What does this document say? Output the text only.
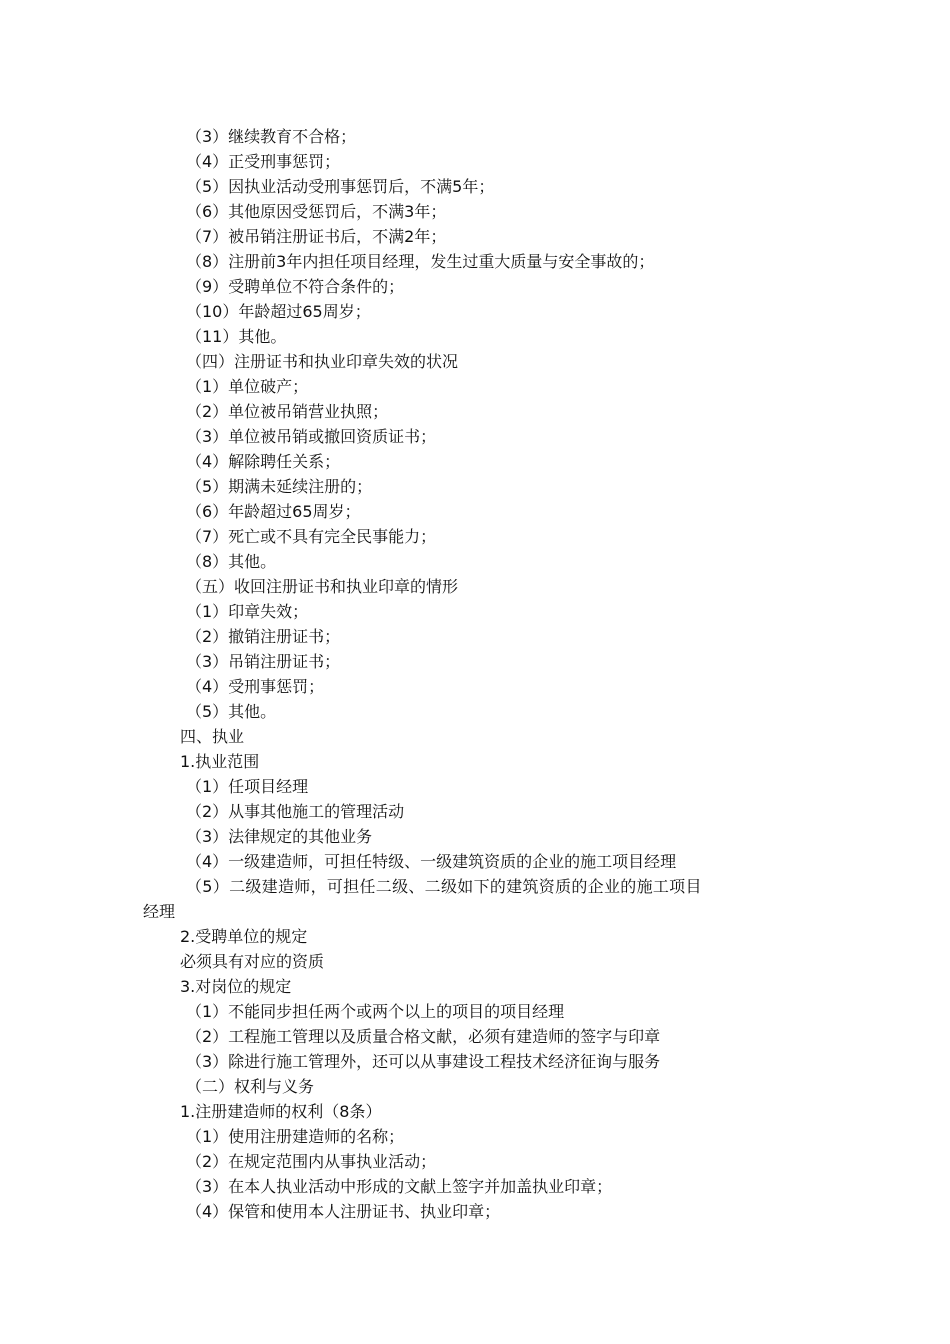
（3）继续教育不合格；
（4）正受刑事惩罚；
（5）因执业活动受刑事惩罚后，不满5年；
（6）其他原因受惩罚后，不满3年；
（7）被吊销注册证书后，不满2年；
（8）注册前3年内担任项目经理，发生过重大质量与安全事故的；
（9）受聘单位不符合条件的；
（10）年龄超过65周岁；
（11）其他。
（四）注册证书和执业印章失效的状况
（1）单位破产；
（2）单位被吊销营业执照；
（3）单位被吊销或撤回资质证书；
（4）解除聘任关系；
（5）期满未延续注册的；
（6）年龄超过65周岁；
（7）死亡或不具有完全民事能力；
（8）其他。
（五）收回注册证书和执业印章的情形
（1）印章失效；
（2）撤销注册证书；
（3）吊销注册证书；
（4）受刑事惩罚；
（5）其他。
四、执业
1.执业范围
（1）任项目经理
（2）从事其他施工的管理活动
（3）法律规定的其他业务
（4）一级建造师，可担任特级、一级建筑资质的企业的施工项目经理
（5）二级建造师，可担任二级、二级如下的建筑资质的企业的施工项目
经理
2.受聘单位的规定
必须具有对应的资质
3.对岗位的规定
（1）不能同步担任两个或两个以上的项目的项目经理
（2）工程施工管理以及质量合格文献，必须有建造师的签字与印章
（3）除进行施工管理外，还可以从事建设工程技术经济征询与服务
（二）权利与义务
1.注册建造师的权利（8条）
（1）使用注册建造师的名称；
（2）在规定范围内从事执业活动；
（3）在本人执业活动中形成的文献上签字并加盖执业印章；
（4）保管和使用本人注册证书、执业印章；
